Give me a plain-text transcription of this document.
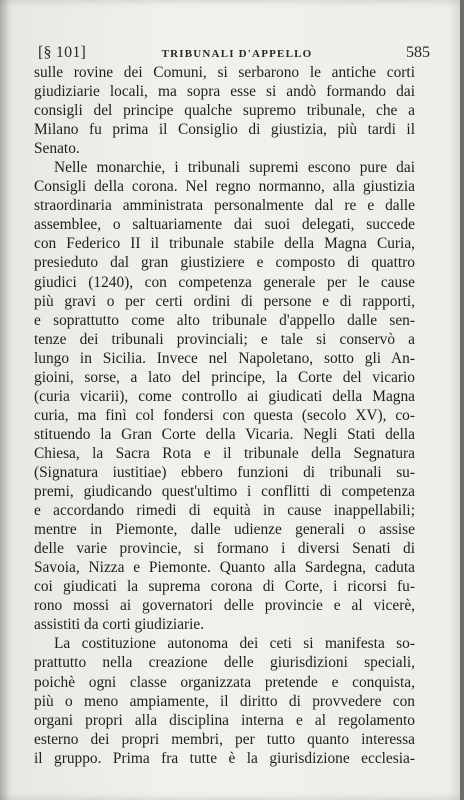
[§ 101]	TRIBUNALI D'APPELLO	585
sulle rovine dei Comuni, si serbarono le antiche corti
giudiziarie locali, ma sopra esse si andò formando dai
consigli del principe qualche supremo tribunale, che a
Milano fu prima il Consiglio di giustizia, più tardi il
Senato.
Nelle monarchie, i tribunali supremi escono pure dai
Consigli della corona. Nel regno normanno, alla giustizia
straordinaria amministrata personalmente dal re e dalle
assemblee, o saltuariamente dai suoi delegati, succede
con Federico II il tribunale stabile della Magna Curia,
presieduto dal gran giustiziere e composto di quattro
giudici (1240), con competenza generale per le cause
più gravi o per certi ordini di persone e di rapporti,
e soprattutto come alto tribunale d'appello dalle sen-
tenze dei tribunali provinciali; e tale si conservò a
lungo in Sicilia. Invece nel Napoletano, sotto gli An-
gioini, sorse, a lato del principe, la Corte del vicario
(curia vicarii), come controllo ai giudicati della Magna
curia, ma finì col fondersi con questa (secolo XV), co-
stituendo la Gran Corte della Vicaria. Negli Stati della
Chiesa, la Sacra Rota e il tribunale della Segnatura
(Signatura iustitiae) ebbero funzioni di tribunali su-
premi, giudicando quest'ultimo i conflitti di competenza
e accordando rimedi di equità in cause inappellabili;
mentre in Piemonte, dalle udienze generali o assise
delle varie provincie, si formano i diversi Senati di
Savoia, Nizza e Piemonte. Quanto alla Sardegna, caduta
coi giudicati la suprema corona di Corte, i ricorsi fu-
rono mossi ai governatori delle provincie e al vicerè,
assistiti da corti giudiziarie.
La costituzione autonoma dei ceti si manifesta so-
prattutto nella creazione delle giurisdizioni speciali,
poichè ogni classe organizzata pretende e conquista,
più o meno ampiamente, il diritto di provvedere con
organi propri alla disciplina interna e al regolamento
esterno dei propri membri, per tutto quanto interessa
il gruppo. Prima fra tutte è la giurisdizione ecclesia-
